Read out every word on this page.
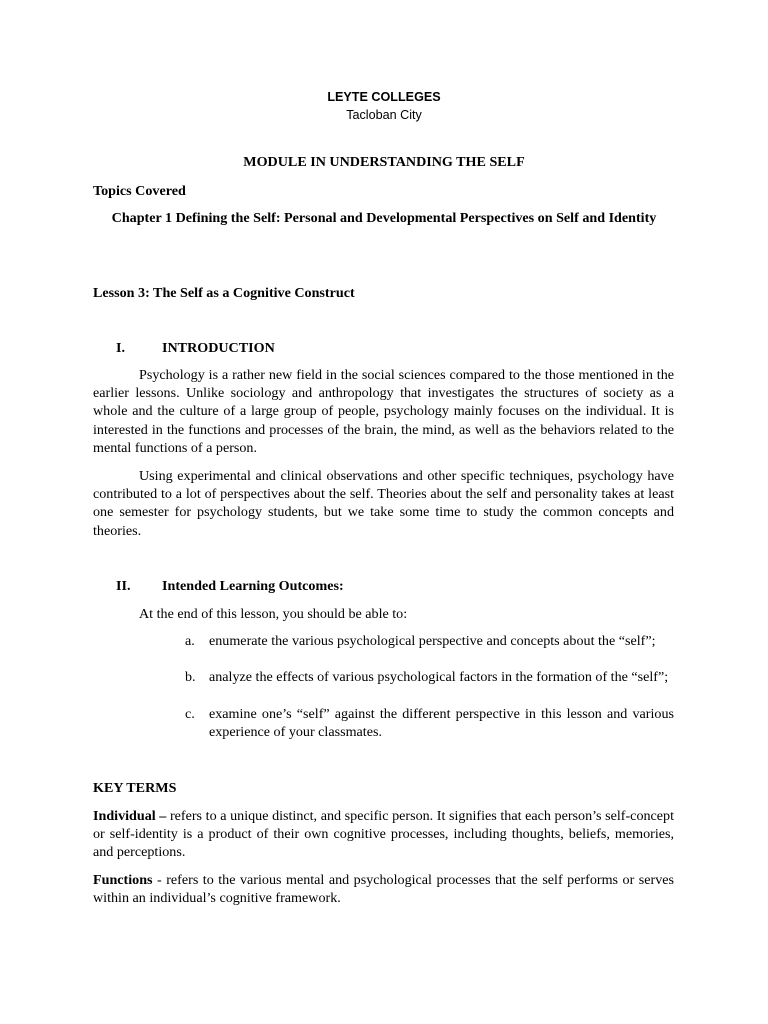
LEYTE COLLEGES
Tacloban City
MODULE IN UNDERSTANDING THE SELF
Topics Covered
Chapter 1 Defining the Self: Personal and Developmental Perspectives on Self and Identity
Lesson 3: The Self as a Cognitive Construct
I.	INTRODUCTION

Psychology is a rather new field in the social sciences compared to the those mentioned in the earlier lessons. Unlike sociology and anthropology that investigates the structures of society as a whole and the culture of a large group of people, psychology mainly focuses on the individual. It is interested in the functions and processes of the brain, the mind, as well as the behaviors related to the mental functions of a person.

Using experimental and clinical observations and other specific techniques, psychology have contributed to a lot of perspectives about the self. Theories about the self and personality takes at least one semester for psychology students, but we take some time to study the common concepts and theories.

II. Intended Learning Outcomes:
At the end of this lesson, you should be able to:
a.	enumerate the various psychological perspective and concepts about the “self”;
b. analyze the effects of various psychological factors in the formation of the “self”;
c.	examine one’s “self” against the different perspective in this lesson and various experience of your classmates.
KEY TERMS

Individual – refers to a unique distinct, and specific person. It signifies that each person’s self-concept or self-identity is a product of their own cognitive processes, including thoughts, beliefs, memories, and perceptions.

Functions - refers to the various mental and psychological processes that the self performs or serves within an individual’s cognitive framework.
